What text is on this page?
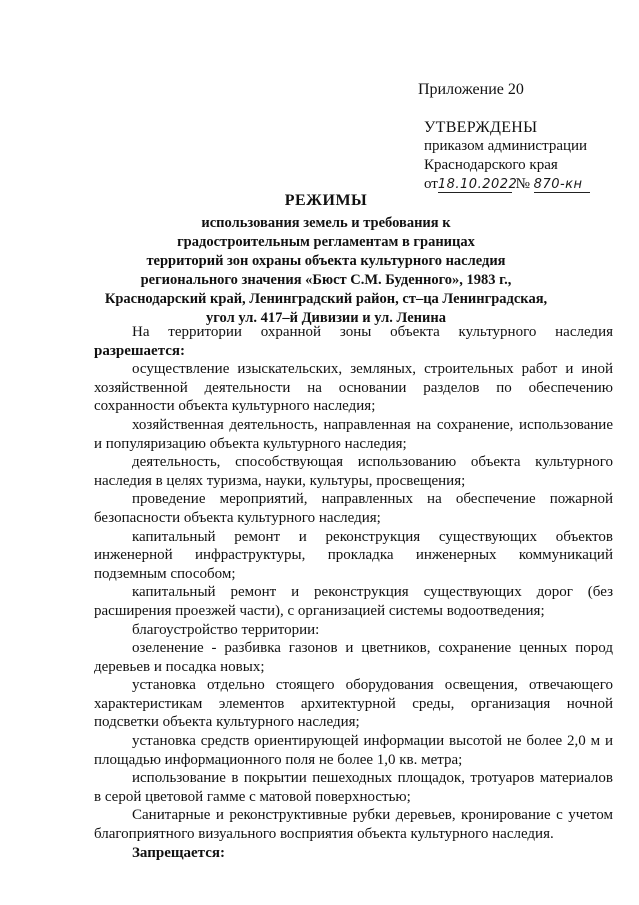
Приложение 20
УТВЕРЖДЕНЫ
приказом администрации
Краснодарского края
от18.10.2022 № 870-кн
РЕЖИМЫ
использования земель и требования к
градостроительным регламентам в границах
территорий зон охраны объекта культурного наследия
регионального значения «Бюст С.М. Буденного», 1983 г.,
Краснодарский край, Ленинградский район, ст–ца Ленинградская,
угол ул. 417–й Дивизии и ул. Ленина

На территории охранной зоны объекта культурного наследия

разрешается:

осуществление изыскательских, земляных, строительных работ и иной хозяйственной деятельности на основании разделов по обеспечению сохранности объекта культурного наследия;

хозяйственная деятельность, направленная на сохранение, использование и популяризацию объекта культурного наследия;

деятельность, способствующая использованию объекта культурного наследия в целях туризма, науки, культуры, просвещения;

проведение мероприятий, направленных на обеспечение пожарной безопасности объекта культурного наследия;

капитальный ремонт и реконструкция существующих объектов инженерной инфраструктуры, прокладка инженерных коммуникаций подземным способом;

капитальный ремонт и реконструкция существующих дорог (без расширения проезжей части), с организацией системы водоотведения;

благоустройство территории:

озеленение - разбивка газонов и цветников, сохранение ценных пород деревьев и посадка новых;

установка отдельно стоящего оборудования освещения, отвечающего характеристикам элементов архитектурной среды, организация ночной подсветки объекта культурного наследия;

установка средств ориентирующей информации высотой не более 2,0 м и площадью информационного поля не более 1,0 кв. метра;

использование в покрытии пешеходных площадок, тротуаров материалов в серой цветовой гамме с матовой поверхностью;

Санитарные и реконструктивные рубки деревьев, кронирование с учетом благоприятного визуального восприятия объекта культурного наследия.

Запрещается:
